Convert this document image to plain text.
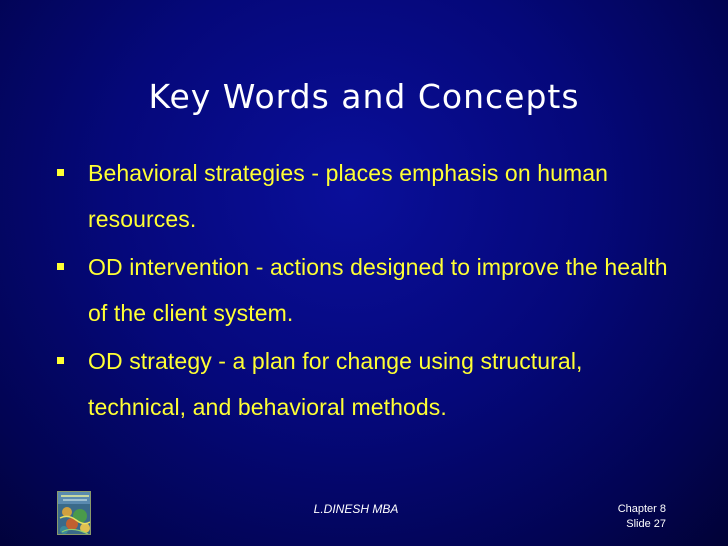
Key Words and Concepts
Behavioral strategies - places emphasis on human resources.
OD intervention - actions designed to improve the health of the client system.
OD strategy - a plan for change using structural, technical, and behavioral methods.
L.DINESH MBA	Chapter 8
Slide 27
